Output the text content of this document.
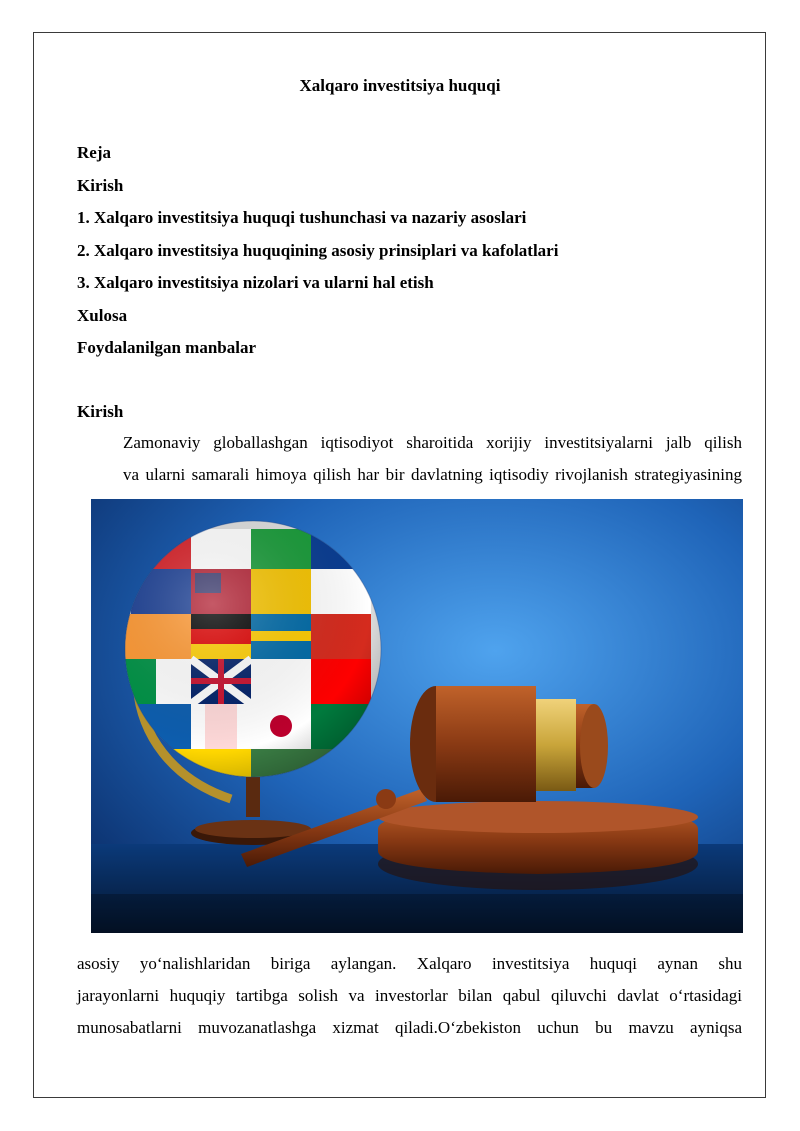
Xalqaro investitsiya huquqi
Reja
Kirish
1. Xalqaro investitsiya huquqi tushunchasi va nazariy asoslari
2. Xalqaro investitsiya huquqining asosiy prinsiplari va kafolatlari
3. Xalqaro investitsiya nizolari va ularni hal etish
Xulosa
Foydalanilgan manbalar
Kirish

Zamonaviy globallashgan iqtisodiyot sharoitida xorijiy investitsiyalarni jalb qilish
va ularni samarali himoya qilish har bir davlatning iqtisodiy rivojlanish strategiyasining

asosiy yo‘nalishlaridan biriga aylangan. Xalqaro investitsiya huquqi aynan shu
jarayonlarni huquqiy tartibga solish va investorlar bilan qabul qiluvchi davlat o‘rtasidagi
munosabatlarni muvozanatlashga xizmat qiladi.O‘zbekiston uchun bu mavzu ayniqsa
